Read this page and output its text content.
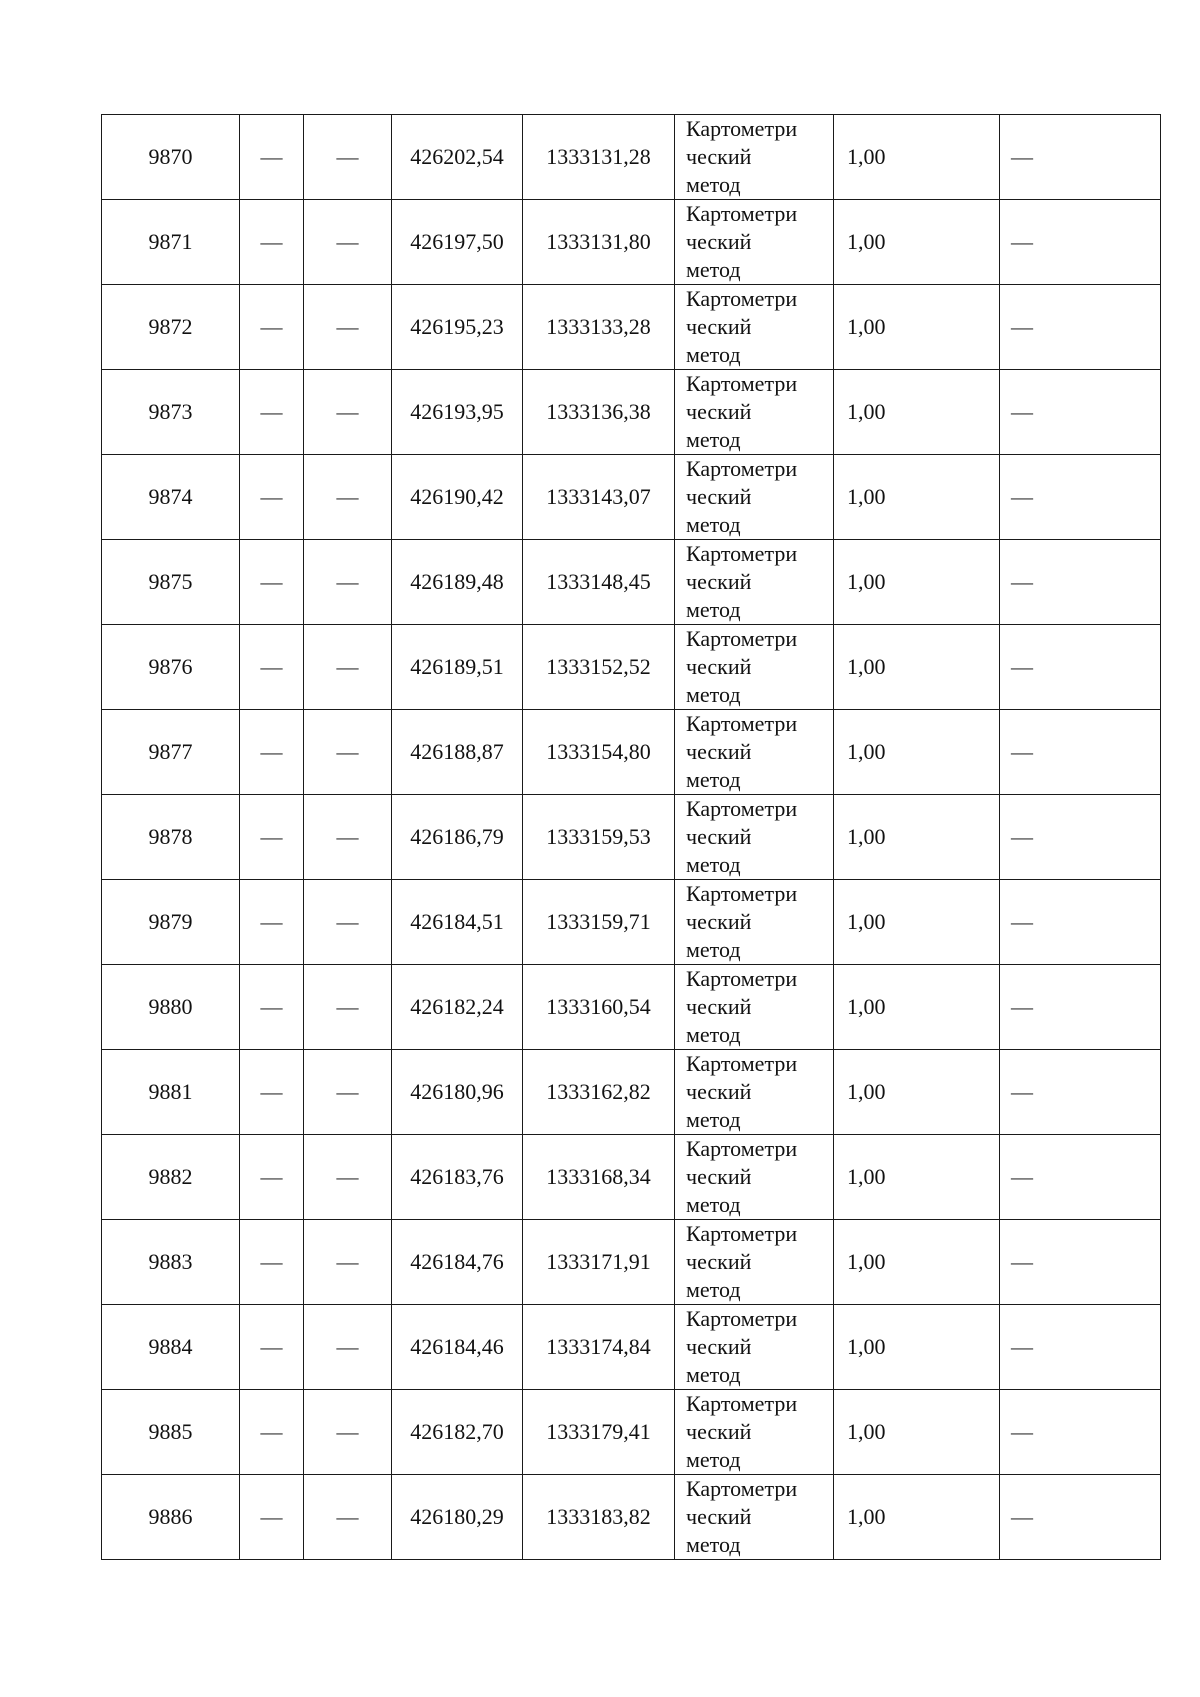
9870	—	—	426202,54	1333131,28	Картометри
ческий
метод	1,00	—
9871	—	—	426197,50	1333131,80	Картометри
ческий
метод	1,00	—
9872	—	—	426195,23	1333133,28	Картометри
ческий
метод	1,00	—
9873	—	—	426193,95	1333136,38	Картометри
ческий
метод	1,00	—
9874	—	—	426190,42	1333143,07	Картометри
ческий
метод	1,00	—
9875	—	—	426189,48	1333148,45	Картометри
ческий
метод	1,00	—
9876	—	—	426189,51	1333152,52	Картометри
ческий
метод	1,00	—
9877	—	—	426188,87	1333154,80	Картометри
ческий
метод	1,00	—
9878	—	—	426186,79	1333159,53	Картометри
ческий
метод	1,00	—
9879	—	—	426184,51	1333159,71	Картометри
ческий
метод	1,00	—
9880	—	—	426182,24	1333160,54	Картометри
ческий
метод	1,00	—
9881	—	—	426180,96	1333162,82	Картометри
ческий
метод	1,00	—
9882	—	—	426183,76	1333168,34	Картометри
ческий
метод	1,00	—
9883	—	—	426184,76	1333171,91	Картометри
ческий
метод	1,00	—
9884	—	—	426184,46	1333174,84	Картометри
ческий
метод	1,00	—
9885	—	—	426182,70	1333179,41	Картометри
ческий
метод	1,00	—
9886	—	—	426180,29	1333183,82	Картометри
ческий
метод	1,00	—
